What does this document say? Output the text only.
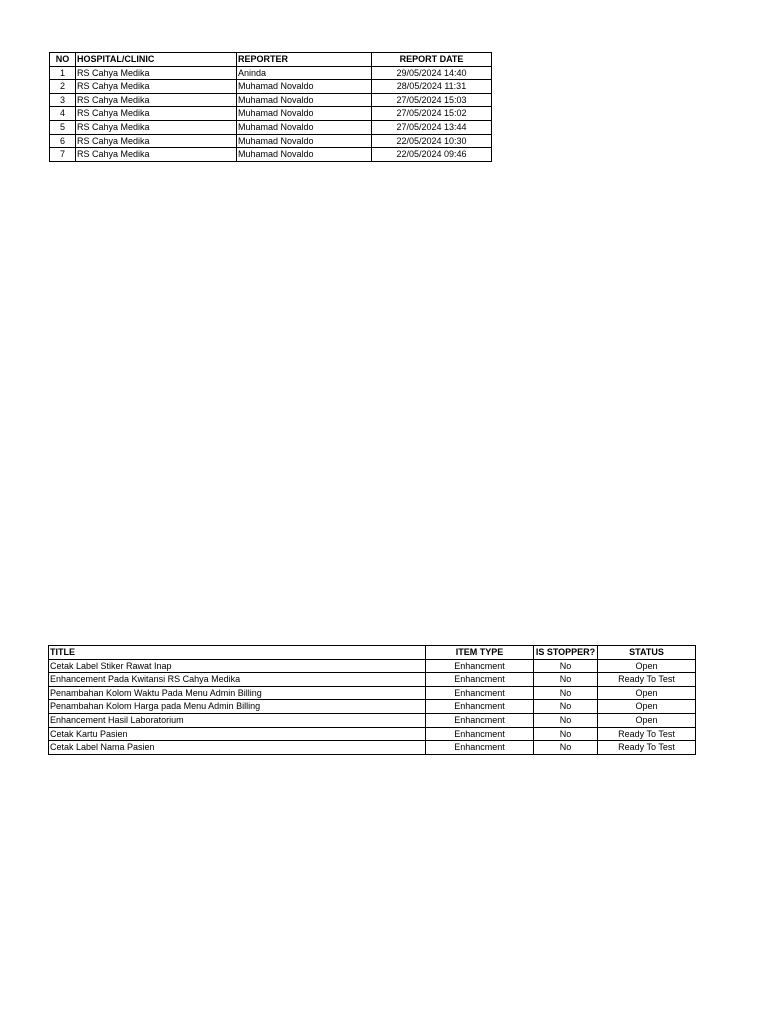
NO	HOSPITAL/CLINIC	REPORTER	REPORT DATE
1	RS Cahya Medika	Aninda	29/05/2024 14:40
2	RS Cahya Medika	Muhamad Novaldo	28/05/2024 11:31
3	RS Cahya Medika	Muhamad Novaldo	27/05/2024 15:03
4	RS Cahya Medika	Muhamad Novaldo	27/05/2024 15:02
5	RS Cahya Medika	Muhamad Novaldo	27/05/2024 13:44
6	RS Cahya Medika	Muhamad Novaldo	22/05/2024 10:30
7	RS Cahya Medika	Muhamad Novaldo	22/05/2024 09:46
TITLE	ITEM TYPE	IS STOPPER?	STATUS
Cetak Label Stiker Rawat Inap	Enhancment	No	Open
Enhancement Pada Kwitansi RS Cahya Medika	Enhancment	No	Ready To Test
Penambahan Kolom Waktu Pada Menu Admin Billing	Enhancment	No	Open
Penambahan Kolom Harga pada Menu Admin Billing	Enhancment	No	Open
Enhancement Hasil Laboratorium	Enhancment	No	Open
Cetak Kartu Pasien	Enhancment	No	Ready To Test
Cetak Label Nama Pasien	Enhancment	No	Ready To Test
